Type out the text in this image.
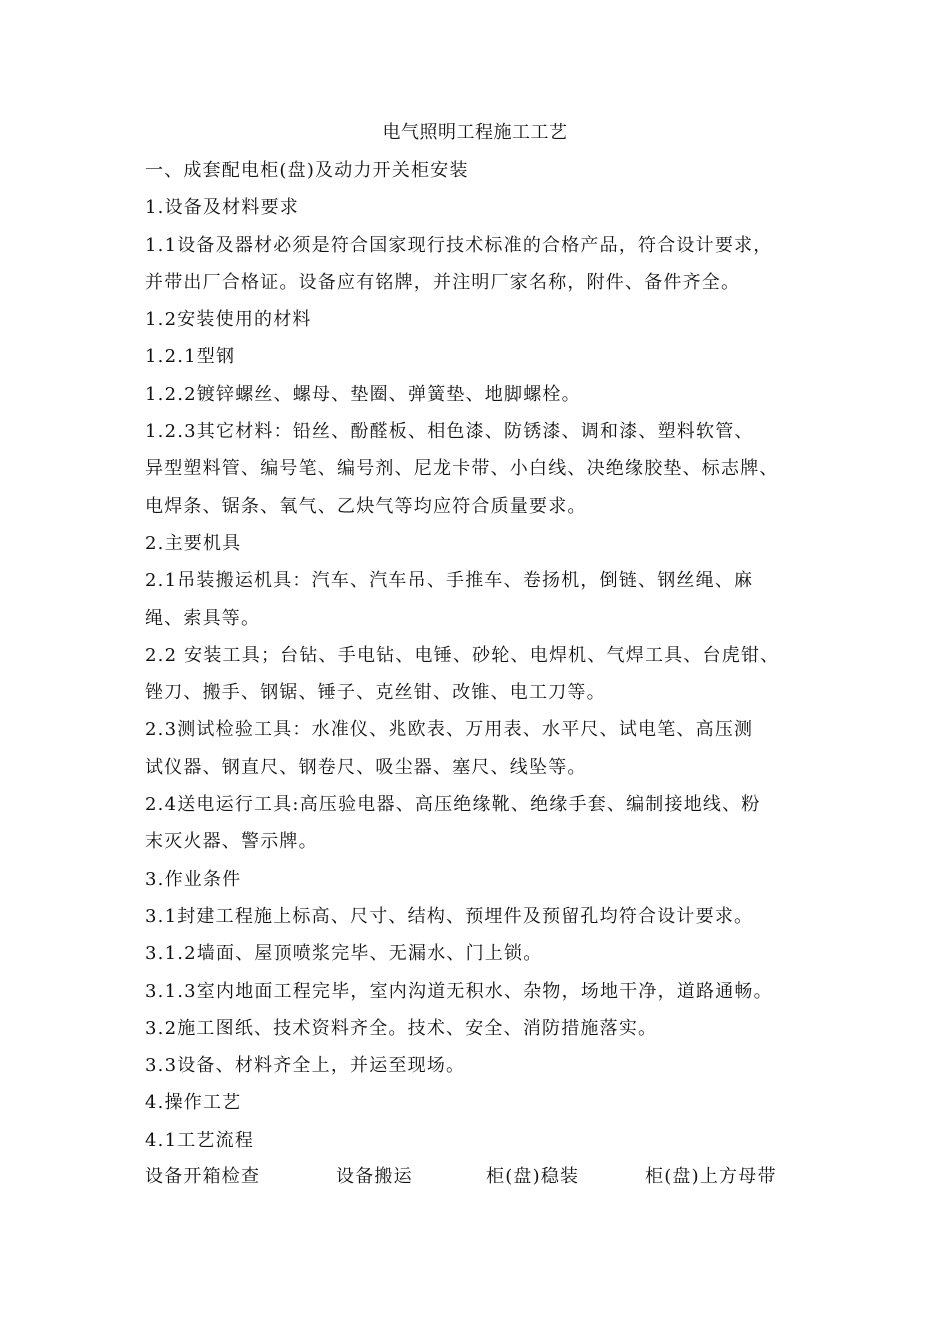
电气照明工程施工工艺
一、成套配电柜(盘)及动力开关柜安装
1.设备及材料要求
1.1设备及器材必须是符合国家现行技术标准的合格产品，符合设计要求，
并带出厂合格证。设备应有铭牌，并注明厂家名称，附件、备件齐全。
1.2安装使用的材料
1.2.1型钢
1.2.2镀锌螺丝、螺母、垫圈、弹簧垫、地脚螺栓。
1.2.3其它材料：铅丝、酚醛板、相色漆、防锈漆、调和漆、塑料软管、
异型塑料管、编号笔、编号剂、尼龙卡带、小白线、决绝缘胶垫、标志牌、
电焊条、锯条、氧气、乙炔气等均应符合质量要求。
2.主要机具
2.1吊装搬运机具：汽车、汽车吊、手推车、卷扬机，倒链、钢丝绳、麻
绳、索具等。
2.2 安装工具；台钻、手电钻、电锤、砂轮、电焊机、气焊工具、台虎钳、
锉刀、搬手、钢锯、锤子、克丝钳、改锥、电工刀等。
2.3测试检验工具：水准仪、兆欧表、万用表、水平尺、试电笔、高压测
试仪器、钢直尺、钢卷尺、吸尘器、塞尺、线坠等。
2.4送电运行工具:高压验电器、高压绝缘靴、绝缘手套、编制接地线、粉
末灭火器、警示牌。
3.作业条件
3.1封建工程施上标高、尺寸、结构、预埋件及预留孔均符合设计要求。
3.1.2墙面、屋顶喷浆完毕、无漏水、门上锁。
3.1.3室内地面工程完毕，室内沟道无积水、杂物，场地干净，道路通畅。
3.2施工图纸、技术资料齐全。技术、安全、消防措施落实。
3.3设备、材料齐全上，并运至现场。
4.操作工艺
4.1工艺流程
设备开箱检查	设备搬运	柜(盘)稳装	柜(盘)上方母带
